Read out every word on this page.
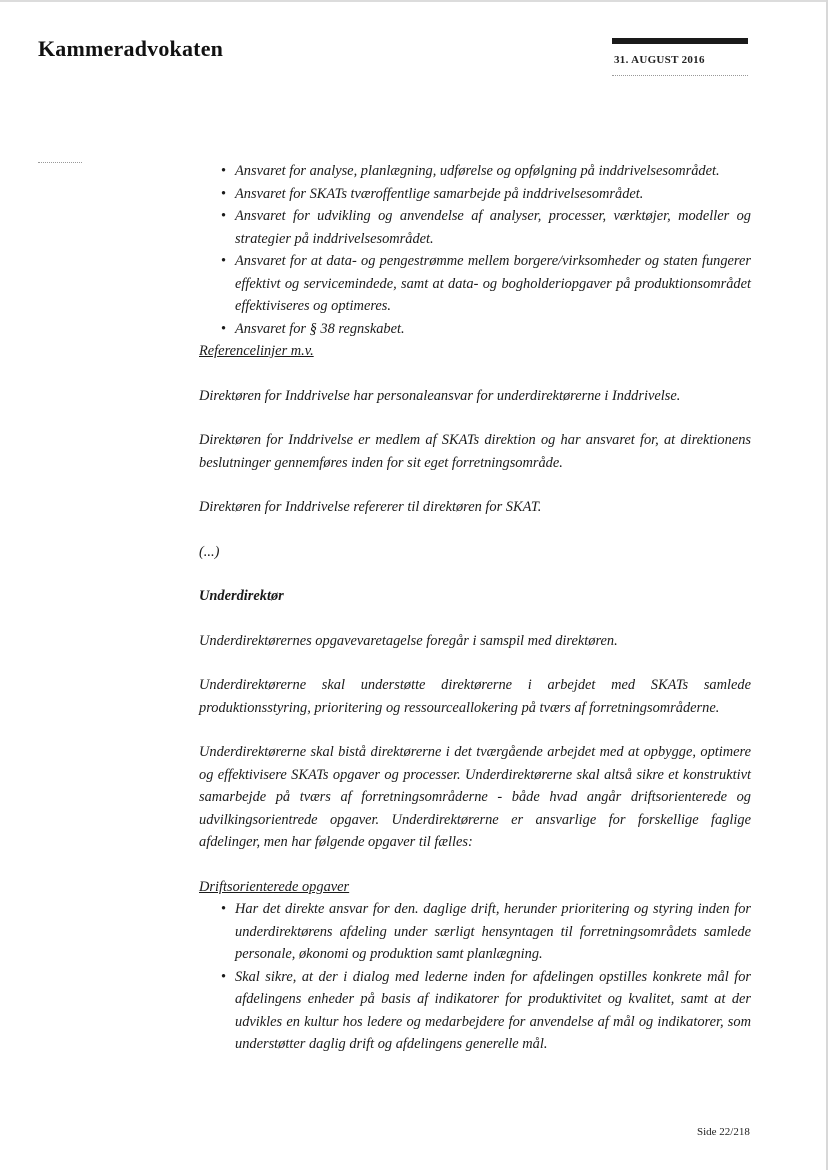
Kammeradvokaten	31. AUGUST 2016
• Ansvaret for analyse, planlægning, udførelse og opfølgning på inddrivelsesområdet.
• Ansvaret for SKATs tværoffentlige samarbejde på inddrivelsesområdet.
• Ansvaret for udvikling og anvendelse af analyser, processer, værktøjer, modeller og strategier på inddrivelsesområdet.
• Ansvaret for at data- og pengestrømme mellem borgere/virksomheder og staten fungerer effektivt og servicemindede, samt at data- og bogholderiopgaver på produktionsområdet effektiviseres og optimeres.
• Ansvaret for § 38 regnskabet.

Referencelinjer m.v.

Direktøren for Inddrivelse har personaleansvar for underdirektørerne i Inddrivelse.

Direktøren for Inddrivelse er medlem af SKATs direktion og har ansvaret for, at direktionens beslutninger gennemføres inden for sit eget forretningsområde.

Direktøren for Inddrivelse refererer til direktøren for SKAT.

(...)

Underdirektør

Underdirektørernes opgavevaretagelse foregår i samspil med direktøren.

Underdirektørerne skal understøtte direktørerne i arbejdet med SKATs samlede produktionsstyring, prioritering og ressourceallokering på tværs af forretningsområderne.

Underdirektørerne skal bistå direktørerne i det tværgående arbejdet med at opbygge, optimere og effektivisere SKATs opgaver og processer. Underdirektørerne skal altså sikre et konstruktivt samarbejde på tværs af forretningsområderne - både hvad angår driftsorienterede og udvilkingsorientrede opgaver. Underdirektørerne er ansvarlige for forskellige faglige afdelinger, men har følgende opgaver til fælles:

Driftsorienterede opgaver

• Har det direkte ansvar for den. daglige drift, herunder prioritering og styring inden for underdirektørens afdeling under særligt hensyntagen til forretningsområdets samlede personale, økonomi og produktion samt planlægning.
• Skal sikre, at der i dialog med lederne inden for afdelingen opstilles konkrete mål for afdelingens enheder på basis af indikatorer for produktivitet og kvalitet, samt at der udvikles en kultur hos ledere og medarbejdere for anvendelse af mål og indikatorer, som understøtter daglig drift og afdelingens generelle mål.
Side 22/218
